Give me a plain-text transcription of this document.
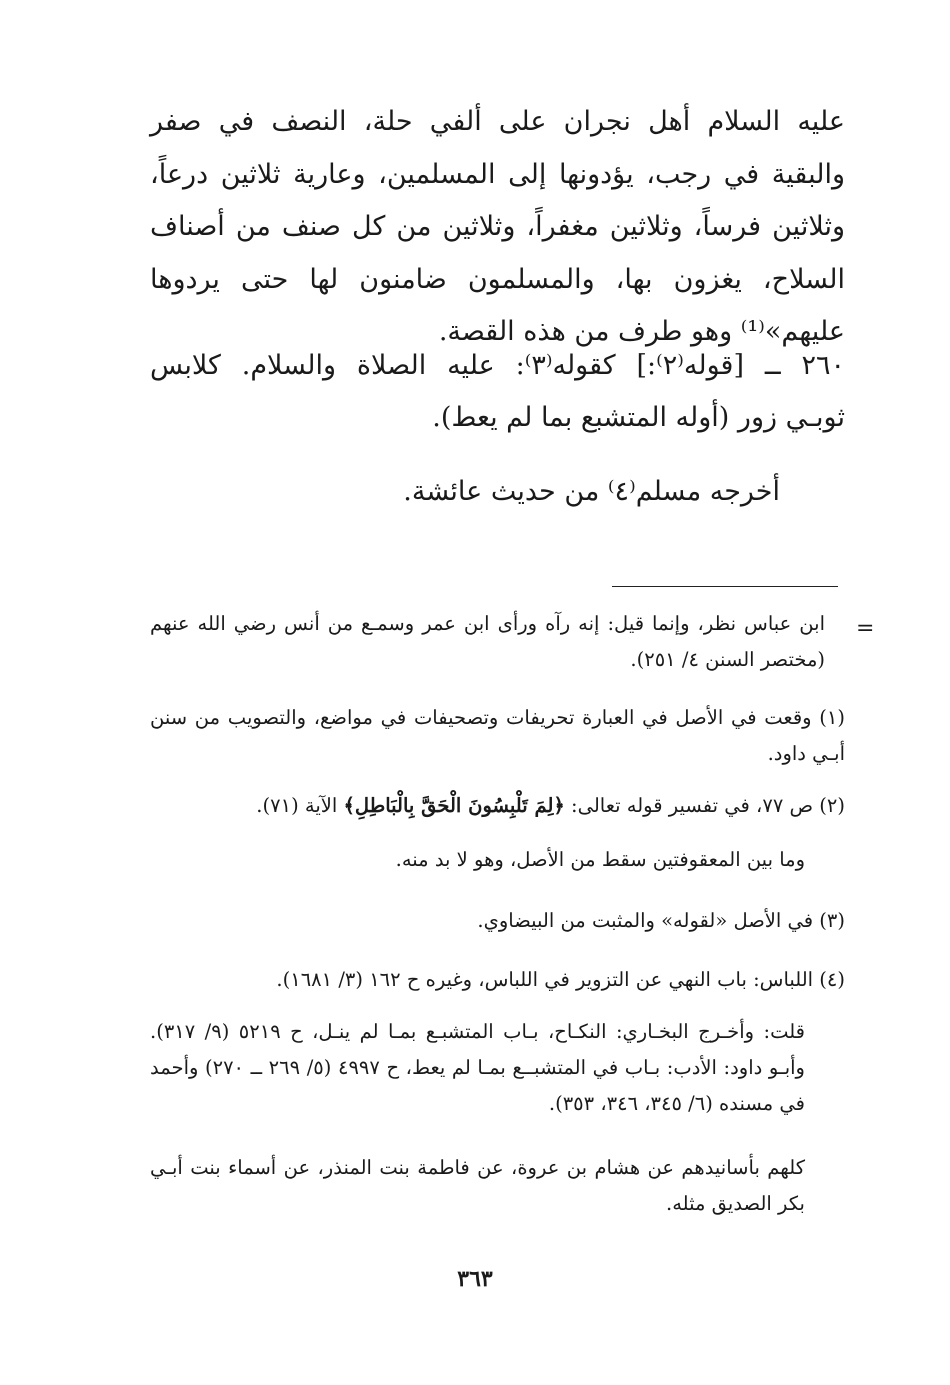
عليه السلام أهل نجران على ألفي حلة، النصف في صفر والبقية في رجب، يؤدونها إلى المسلمين، وعارية ثلاثين درعاً، وثلاثين فرساً، وثلاثين مغفراً، وثلاثين من كل صنف من أصناف السلاح، يغزون بها، والمسلمون ضامنون لها حتى يردوها عليهم»⁽¹⁾ وهو طرف من هذه القصة.

٢٦٠ ــ [قوله⁽٢⁾:] كقوله⁽٣⁾: عليه الصلاة والسلام. كلابس

ثوبـي زور (أوله المتشبع بما لم يعط).

أخرجه مسلم⁽٤⁾ من حديث عائشة.
=

ابن عباس نظر، وإنما قيل: إنه رآه ورأى ابن عمر وسمـع من أنس رضي الله عنهم (مختصر السنن ٤/ ٢٥١).

(١) وقعت في الأصل في العبارة تحريفات وتصحيفات في مواضع، والتصويب من سنن أبـي داود.

(٢) ص ٧٧، في تفسير قوله تعالى: ﴿لِمَ تَلْبِسُونَ الْحَقَّ بِالْبَاطِلِ﴾ الآية (٧١).
وما بين المعقوفتين سقط من الأصل، وهو لا بد منه.
(٣) في الأصل «لقوله» والمثبت من البيضاوي.
(٤) اللباس: باب النهي عن التزوير في اللباس، وغيره ح ١٦٢ (٣/ ١٦٨١).

قلت: وأخـرج البخـاري: النكـاح، بـاب المتشبـع بمـا لم ينـل، ح ٥٢١٩ (٩/ ٣١٧). وأبـو داود: الأدب: بـاب في المتشبــع بمـا لم يعط، ح ٤٩٩٧ (٥/ ٢٦٩ ــ ٢٧٠) وأحمد في مسنده (٦/ ٣٤٥، ٣٤٦، ٣٥٣).

كلهم بأسانيدهم عن هشام بن عروة، عن فاطمة بنت المنذر، عن أسماء بنت أبـي بكر الصديق مثله.

٣٦٣
